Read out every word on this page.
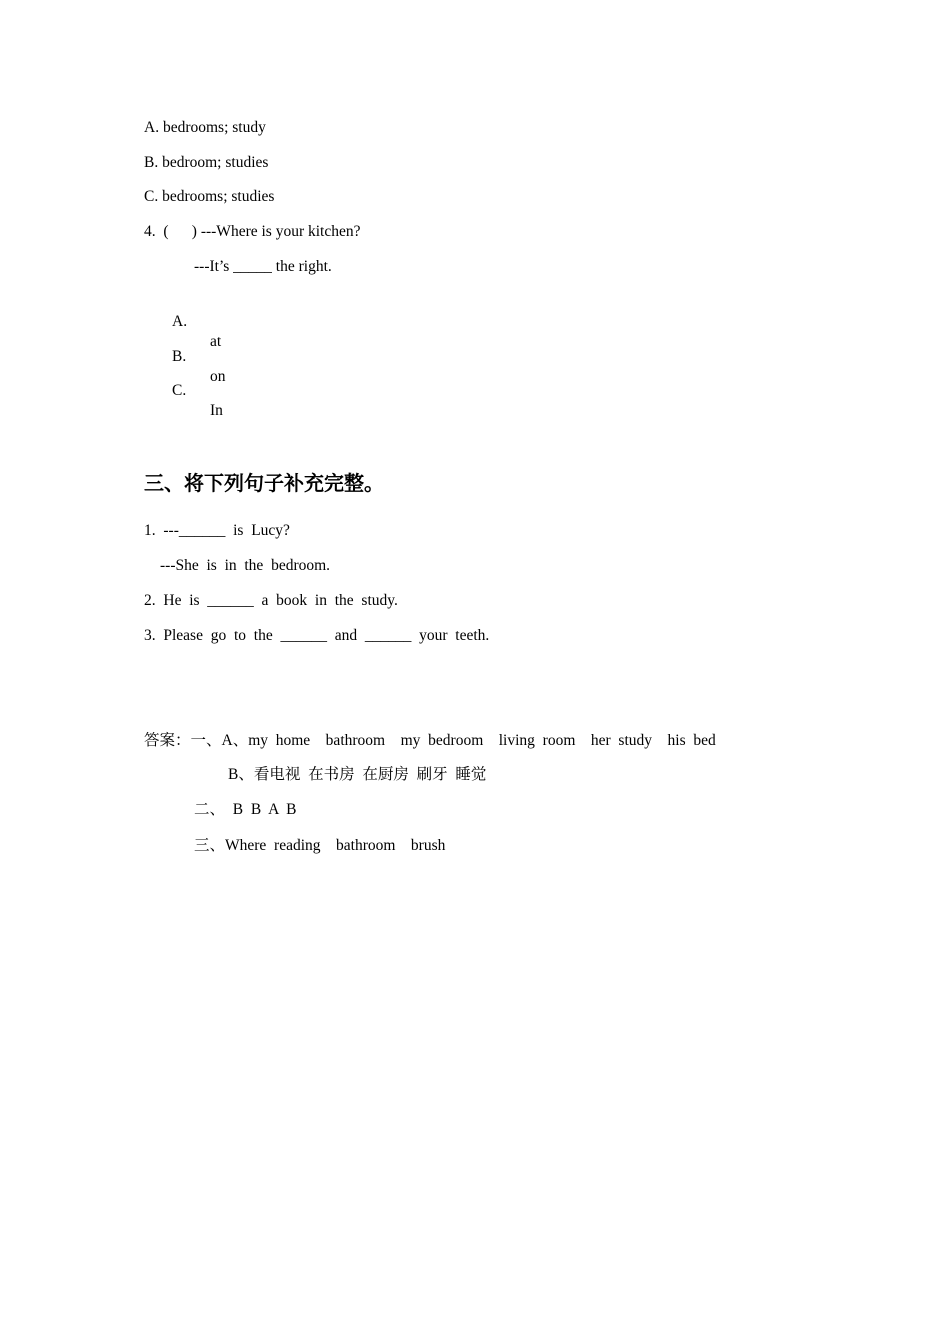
A. bedrooms; study
B. bedroom; studies
C. bedrooms; studies
4.  (      ) ---Where is your kitchen?
---It’s _____ the right.

A.

at

B.

on

C.

In

三、将下列句子补充完整。
1.  ---______  is  Lucy?
---She  is  in  the  bedroom.
2.  He  is  ______  a  book  in  the  study.
3.  Please  go  to  the  ______  and  ______  your  teeth.
答案：一、A、my  home    bathroom    my  bedroom    living  room    her  study    his  bed
B、看电视  在书房  在厨房  刷牙  睡觉
二、  B  B  A  B
三、Where  reading    bathroom    brush
